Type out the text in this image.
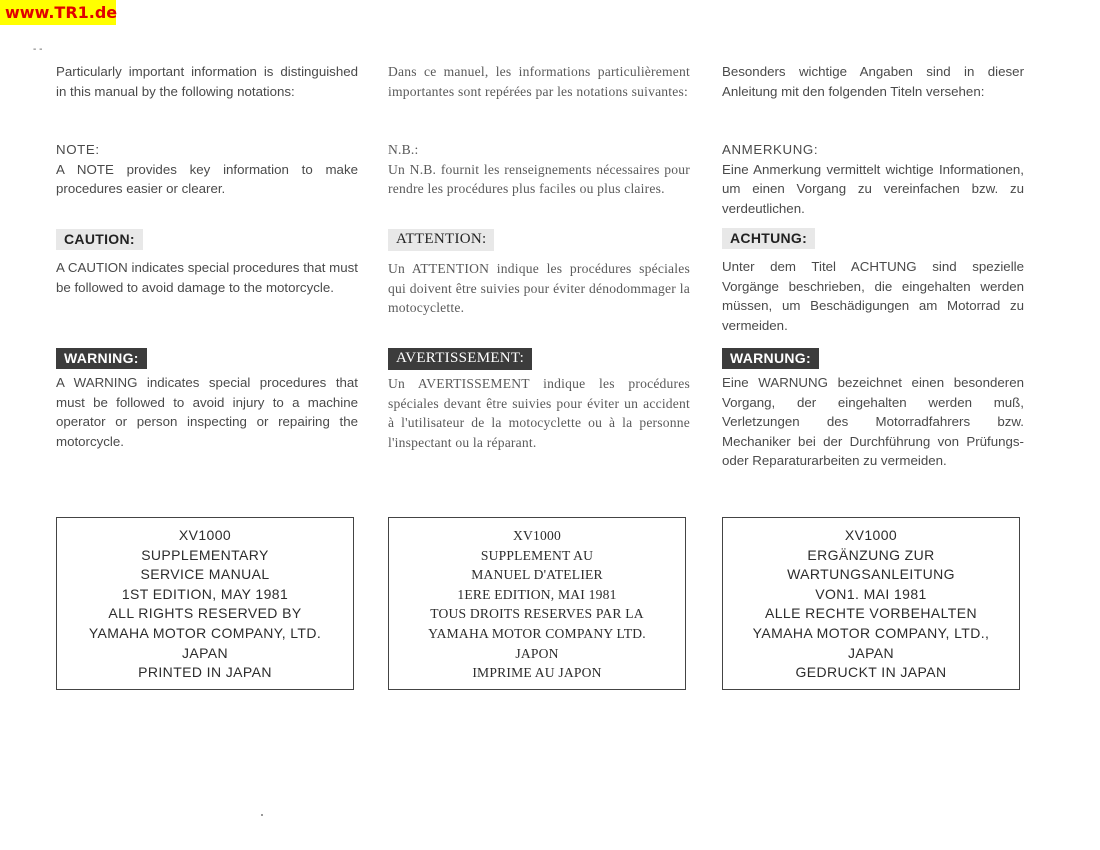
www.TR1.de
- -

Particularly important information is distinguished in this manual by the following notations:

NOTE:

A NOTE provides key information to make procedures easier or clearer.

CAUTION:

A CAUTION indicates special procedures that must be followed to avoid damage to the motorcycle.

WARNING:

A WARNING indicates special procedures that must be followed to avoid injury to a machine operator or person inspecting or repairing the motorcycle.

XV1000
SUPPLEMENTARY
SERVICE MANUAL
1ST EDITION, MAY 1981
ALL RIGHTS RESERVED BY
YAMAHA MOTOR COMPANY, LTD.
JAPAN
PRINTED IN JAPAN

Dans ce manuel, les informations particulièrement importantes sont repérées par les notations suivantes:

N.B.:

Un N.B. fournit les renseignements nécessaires pour rendre les procédures plus faciles ou plus claires.

ATTENTION:

Un ATTENTION indique les procédures spéciales qui doivent être suivies pour éviter dénodommager la motocyclette.

AVERTISSEMENT:

Un AVERTISSEMENT indique les procédures spéciales devant être suivies pour éviter un accident à l'utilisateur de la motocyclette ou à la personne l'inspectant ou la réparant.

XV1000
SUPPLEMENT AU
MANUEL D'ATELIER
1ERE EDITION, MAI 1981
TOUS DROITS RESERVES PAR LA
YAMAHA MOTOR COMPANY LTD.
JAPON
IMPRIME AU JAPON

Besonders wichtige Angaben sind in dieser Anleitung mit den folgenden Titeln versehen:

ANMERKUNG:

Eine Anmerkung vermittelt wichtige Informationen, um einen Vorgang zu vereinfachen bzw. zu verdeutlichen.

ACHTUNG:

Unter dem Titel ACHTUNG sind spezielle Vorgänge beschrieben, die eingehalten werden müssen, um Beschädigungen am Motorrad zu vermeiden.

WARNUNG:

Eine WARNUNG bezeichnet einen besonderen Vorgang, der eingehalten werden muß, Verletzungen des Motorradfahrers bzw. Mechaniker bei der Durchführung von Prüfungs-oder Reparaturarbeiten zu vermeiden.

XV1000
ERGÄNZUNG ZUR
WARTUNGSANLEITUNG
VON1. MAI 1981
ALLE RECHTE VORBEHALTEN
YAMAHA MOTOR COMPANY, LTD.,
JAPAN
GEDRUCKT IN JAPAN
